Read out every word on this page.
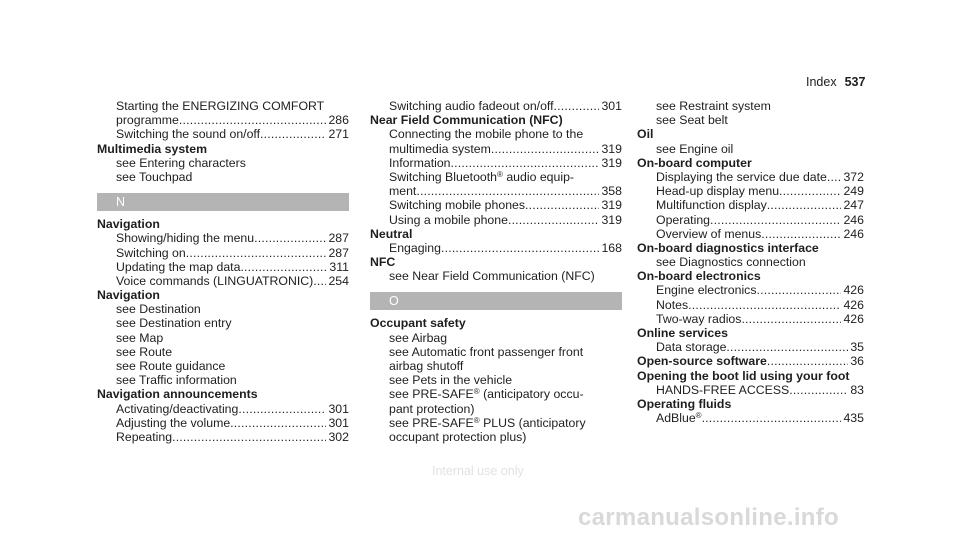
Index 537
Starting the ENERGIZING COMFORT
programme .....	286
Switching the sound on/off .....	271
Multimedia system
see Entering characters
see Touchpad
N
Navigation
Showing/hiding the menu .....	287
Switching on .....	287
Updating the map data .....	311
Voice commands (LINGUATRONIC) ..... 254
Navigation
see Destination
see Destination entry
see Map
see Route
see Route guidance
see Traffic information
Navigation announcements
Activating/deactivating .....	301
Adjusting the volume .....	301
Repeating .....	302
Switching audio fadeout on/off .....	301
Near Field Communication (NFC)
Connecting the mobile phone to the
multimedia system .....	319
Information .....	319
Switching Bluetooth® audio equip-
ment .....	358
Switching mobile phones .....	319
Using a mobile phone .....	319
Neutral
Engaging .....	168
NFC
see Near Field Communication (NFC)
O
Occupant safety
see Airbag
see Automatic front passenger front
airbag shutoff
see Pets in the vehicle
see PRE-SAFE® (anticipatory occu-
pant protection)
see PRE-SAFE® PLUS (anticipatory
occupant protection plus)
see Restraint system
see Seat belt
Oil
see Engine oil
On-board computer
Displaying the service due date ..... 372
Head-up display menu .....	249
Multifunction display .....	247
Operating .....	246
Overview of menus .....	246
On-board diagnostics interface
see Diagnostics connection
On-board electronics
Engine electronics .....	426
Notes .....	426
Two-way radios .....	426
Online services
Data storage .....	35
Open-source software .....	36
Opening the boot lid using your foot
HANDS-FREE ACCESS .....	83
Operating fluids
AdBlue® .....	435
Internal use only
carmanualsonline.info
